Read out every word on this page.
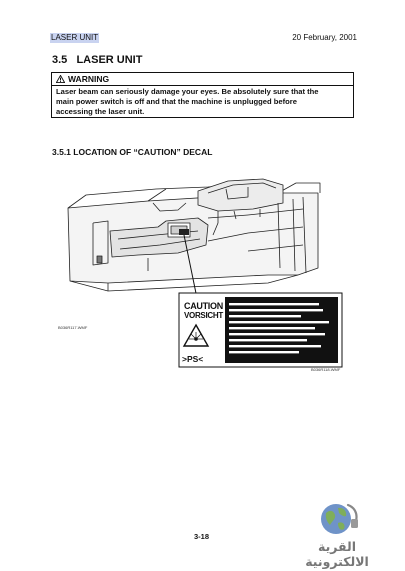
LASER UNIT	20 February, 2001
3.5   LASER UNIT
WARNING
Laser beam can seriously damage your eyes. Be absolutely sure that the
main power switch is off and that the machine is unplugged before
accessing the laser unit.
3.5.1 LOCATION OF “CAUTION” DECAL
CAUTION
VORSICHT
>PS<
B036R117.WMF
B036R118.WMF
3-18
القرية الالكترونية
